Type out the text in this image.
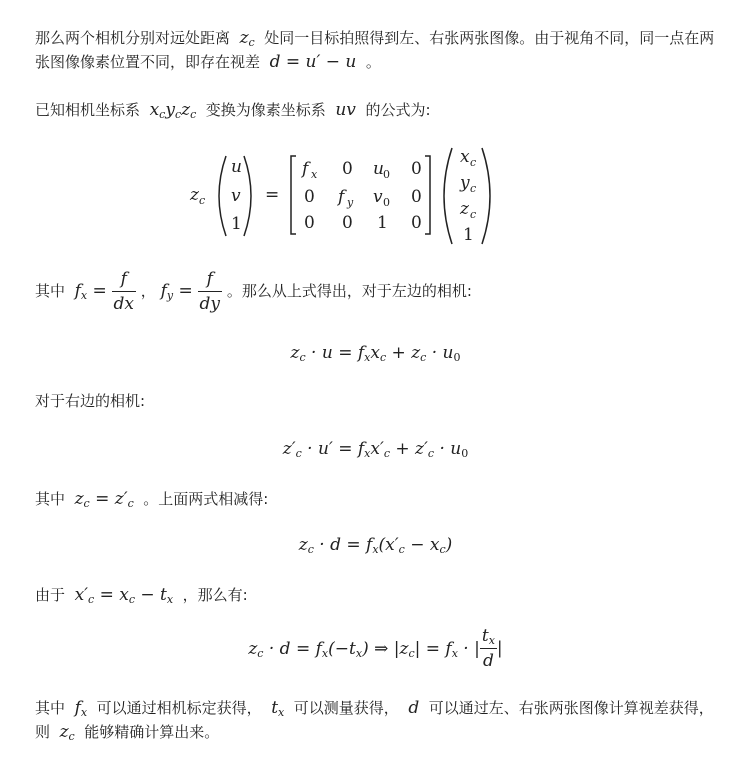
那么两个相机分别对远处距离 $z_c$ 处同一目标拍照得到左、右张两张图像。由于视角不同，同一点在两张图像像素位置不同，即存在视差 d = u′ − u 。
已知相机坐标系 $x_cy_cz_c$ 变换为像素坐标系 uv 的公式为:
z c
u
v
1
=
f x 0 u 0 0
0 f y v 0 0
0 0 1 0
x c
y c
z c
1
其中 $f_x = \frac{f}{dx}$ ， $f_y = \frac{f}{dy}$ 。那么从上式得出，对于左边的相机:
$z_c \cdot u = f_xx_c + z_c \cdot u_0$
对于右边的相机:
$z'_c \cdot u' = f_xx'_c + z'_c \cdot u_0$
其中 $z_c = z'_c$ 。上面两式相减得:
$z_c \cdot d = f_x(x'_c - x_c)$
由于 $x'_c = x_c - t_x$ ，那么有:
$z_c \cdot d = f_x(-t_x)$ ⇒ $|z_c| = f_x$ · | $\frac{t_x}{d}$ |
其中 $f_x$ 可以通过相机标定获得， $t_x$ 可以测量获得， d 可以通过左、右张两张图像计算视差获得，则 $z_c$ 能够精确计算出来。
